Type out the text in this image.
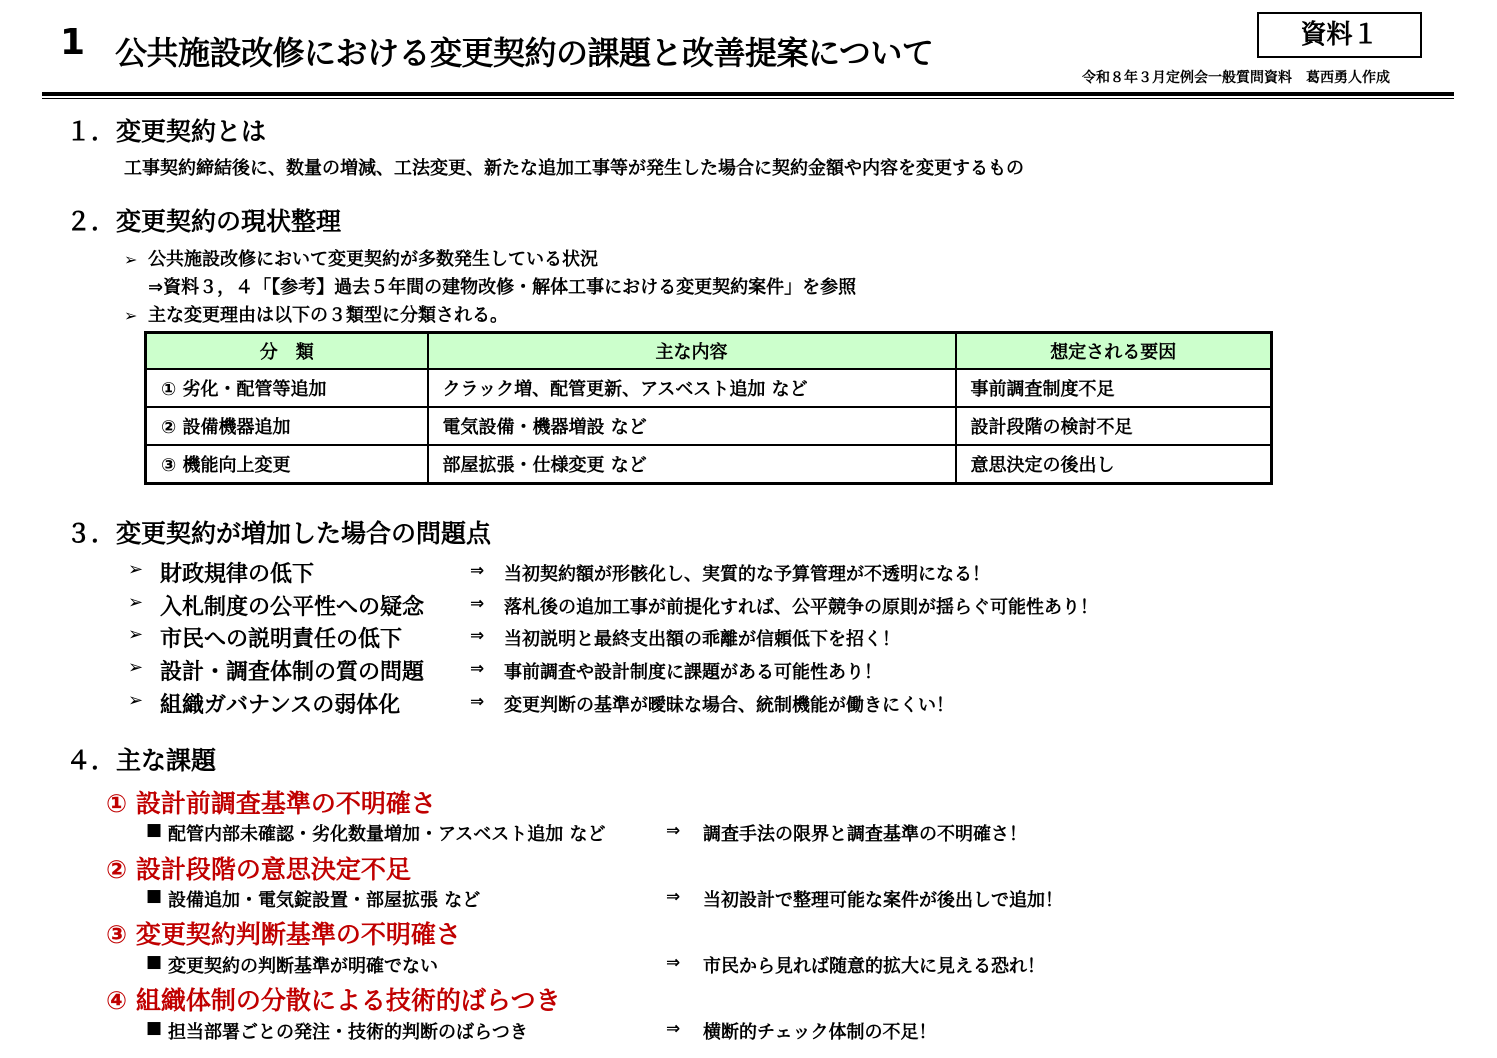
1 公共施設改修における変更契約の課題と改善提案について	資料１
令和８年３月定例会一般質問資料　葛西勇人作成
１．変更契約とは
工事契約締結後に、数量の増減、工法変更、新たな追加工事等が発生した場合に契約金額や内容を変更するもの
２．変更契約の現状整理
➢ 公共施設改修において変更契約が多数発生している状況
⇒資料３，４「【参考】過去５年間の建物改修・解体工事における変更契約案件」を参照
➢ 主な変更理由は以下の３類型に分類される。
分　類	主な内容	想定される要因
① 劣化・配管等追加	クラック増、配管更新、アスベスト追加 など	事前調査制度不足
② 設備機器追加	電気設備・機器増設 など	設計段階の検討不足
③ 機能向上変更	部屋拡張・仕様変更 など	意思決定の後出し
３．変更契約が増加した場合の問題点
➢ 財政規律の低下	⇒ 当初契約額が形骸化し、実質的な予算管理が不透明になる！
➢ 入札制度の公平性への疑念	⇒ 落札後の追加工事が前提化すれば、公平競争の原則が揺らぐ可能性あり！
➢ 市民への説明責任の低下	⇒ 当初説明と最終支出額の乖離が信頼低下を招く！
➢ 設計・調査体制の質の問題	⇒ 事前調査や設計制度に課題がある可能性あり！
➢ 組織ガバナンスの弱体化	⇒ 変更判断の基準が曖昧な場合、統制機能が働きにくい！
４．主な課題
① 設計前調査基準の不明確さ
■ 配管内部未確認・劣化数量増加・アスベスト追加 など	⇒ 調査手法の限界と調査基準の不明確さ！
② 設計段階の意思決定不足
■ 設備追加・電気錠設置・部屋拡張 など	⇒ 当初設計で整理可能な案件が後出しで追加！
③ 変更契約判断基準の不明確さ
■ 変更契約の判断基準が明確でない	⇒ 市民から見れば随意的拡大に見える恐れ！
④ 組織体制の分散による技術的ばらつき
■ 担当部署ごとの発注・技術的判断のばらつき	⇒ 横断的チェック体制の不足！
